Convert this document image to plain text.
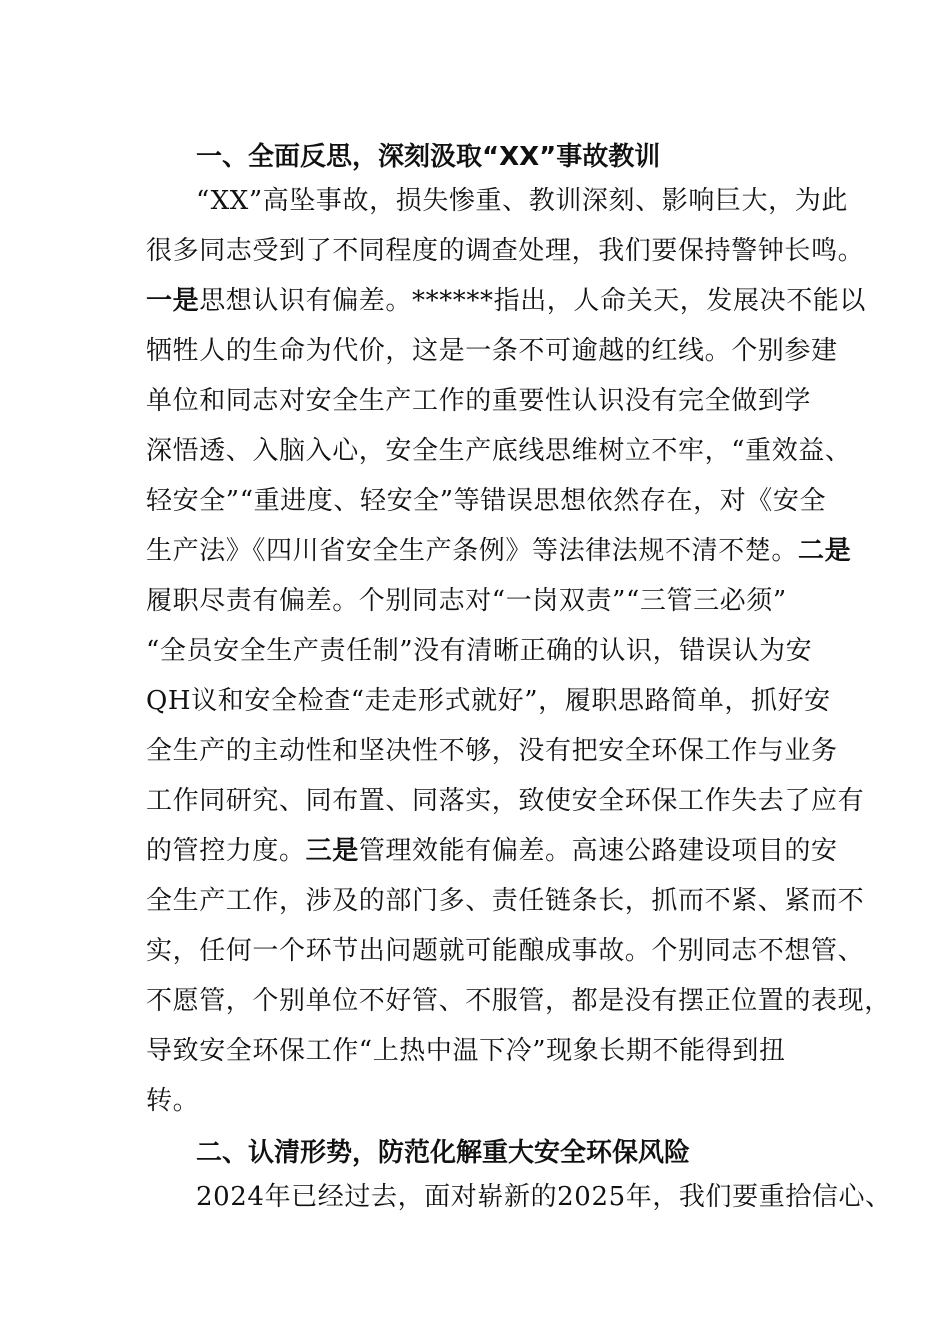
一、全面反思，深刻汲取“XX”事故教训
“XX”高坠事故，损失惨重、教训深刻、影响巨大，为此
很多同志受到了不同程度的调查处理，我们要保持警钟长鸣。
一是思想认识有偏差。******指出，人命关天，发展决不能以
牺牲人的生命为代价，这是一条不可逾越的红线。个别参建
单位和同志对安全生产工作的重要性认识没有完全做到学
深悟透、入脑入心，安全生产底线思维树立不牢，“重效益、
轻安全”“重进度、轻安全”等错误思想依然存在，对《安全
生产法》《四川省安全生产条例》等法律法规不清不楚。二是
履职尽责有偏差。个别同志对“一岗双责”“三管三必须”
“全员安全生产责任制”没有清晰正确的认识，错误认为安
QH议和安全检查“走走形式就好”，履职思路简单，抓好安
全生产的主动性和坚决性不够，没有把安全环保工作与业务
工作同研究、同布置、同落实，致使安全环保工作失去了应有
的管控力度。三是管理效能有偏差。高速公路建设项目的安
全生产工作，涉及的部门多、责任链条长，抓而不紧、紧而不
实，任何一个环节出问题就可能酿成事故。个别同志不想管、
不愿管，个别单位不好管、不服管，都是没有摆正位置的表现，
导致安全环保工作“上热中温下冷”现象长期不能得到扭
转。
二、认清形势，防范化解重大安全环保风险
2024年已经过去，面对崭新的2025年，我们要重拾信心、
